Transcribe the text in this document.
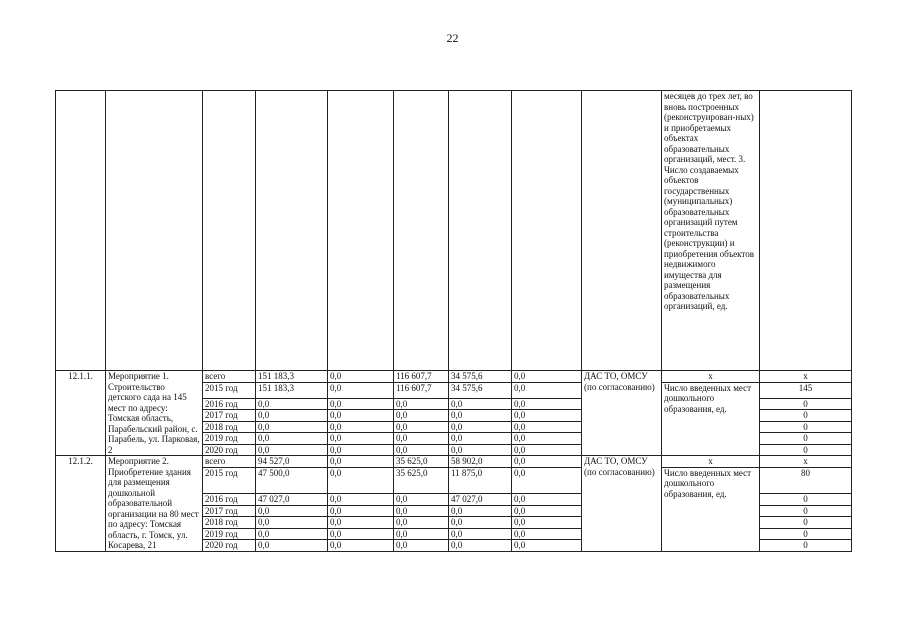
22
									месяцев до трех лет, во вновь построенных (реконструирован-ных) и приобретаемых объектах образовательных организаций, мест. 3. Число создаваемых объектов государственных (муниципальных) образовательных организаций путем строительства (реконструкции) и приобретения объектов недвижимого имущества для размещения образовательных организаций, ед.	
12.1.1.	Мероприятие 1. Строительство детского сада на 145 мест по адресу: Томская область, Парабельский район, с. Парабель, ул. Парковая, 2	всего	151 183,3	0,0	116 607,7	34 575,6	0,0	ДАС ТО, ОМСУ (по согласованию)	х	х
		2015 год	151 183,3	0,0	116 607,7	34 575,6	0,0		Число введенных мест дошкольного образования, ед.	145
		2016 год	0,0	0,0	0,0	0,0	0,0			0
		2017 год	0,0	0,0	0,0	0,0	0,0			0
		2018 год	0,0	0,0	0,0	0,0	0,0			0
		2019 год	0,0	0,0	0,0	0,0	0,0			0
		2020 год	0,0	0,0	0,0	0,0	0,0			0
12.1.2.	Мероприятие 2. Приобретение здания для размещения дошкольной образовательной организации на 80 мест по адресу: Томская область, г. Томск, ул. Косарева, 21	всего	94 527,0	0,0	35 625,0	58 902,0	0,0	ДАС ТО, ОМСУ (по согласованию)	х	х
		2015 год	47 500,0	0,0	35 625,0	11 875,0	0,0		Число введенных мест дошкольного образования, ед.	80
		2016 год	47 027,0	0,0	0,0	47 027,0	0,0			0
		2017 год	0,0	0,0	0,0	0,0	0,0			0
		2018 год	0,0	0,0	0,0	0,0	0,0			0
		2019 год	0,0	0,0	0,0	0,0	0,0			0
		2020 год	0,0	0,0	0,0	0,0	0,0			0
